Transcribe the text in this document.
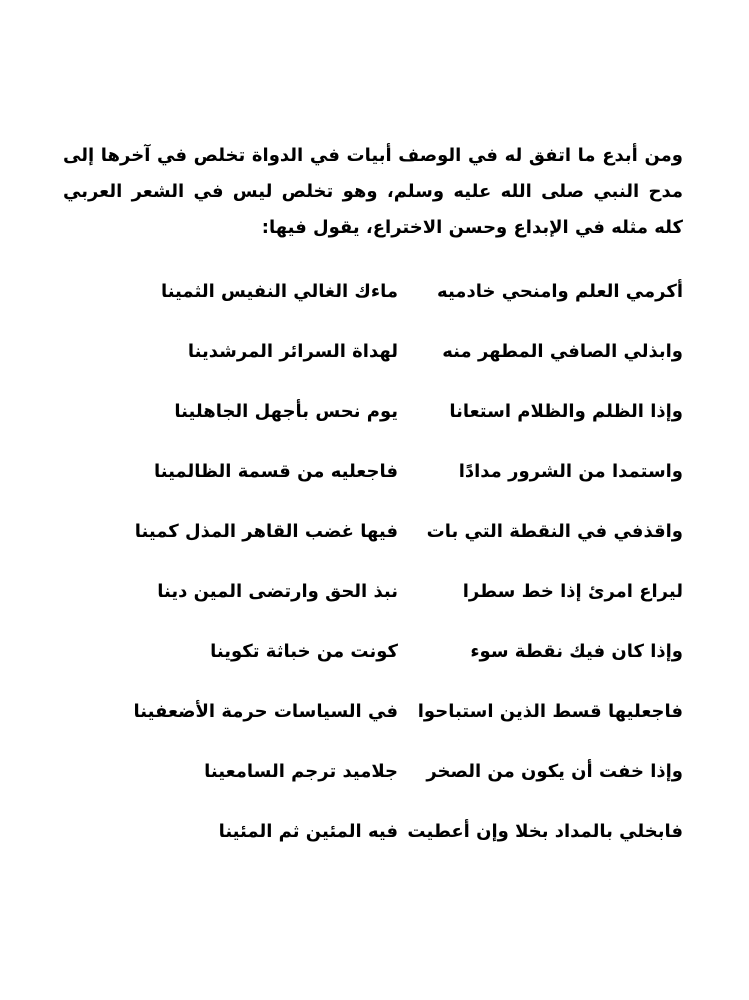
ومن أبدع ما اتفق له في الوصف أبيات في الدواة تخلص في آخرها إلى مدح النبي صلى الله عليه وسلم، وهو تخلص ليس في الشعر العربي كله مثله في الإبداع وحسن الاختراع، يقول فيها:

أكرمي العلم وامنحي خادميه
ماءك الغالي النفيس الثمينا
وابذلي الصافي المطهر منه
لهداة السرائر المرشدينا
وإذا الظلم والظلام استعانا
يوم نحس بأجهل الجاهلينا
واستمدا من الشرور مدادًا
فاجعليه من قسمة الظالمينا
واقذفي في النقطة التي بات
فيها غضب القاهر المذل كمينا
ليراع امرئ إذا خط سطرا
نبذ الحق وارتضى المين دينا
وإذا كان فيك نقطة سوء
كونت من خباثة تكوينا
فاجعليها قسط الذين استباحوا
في السياسات حرمة الأضعفينا
وإذا خفت أن يكون من الصخر
جلاميد ترجم السامعينا
فابخلي بالمداد بخلا وإن أعطيت
فيه المئين ثم المئينا
